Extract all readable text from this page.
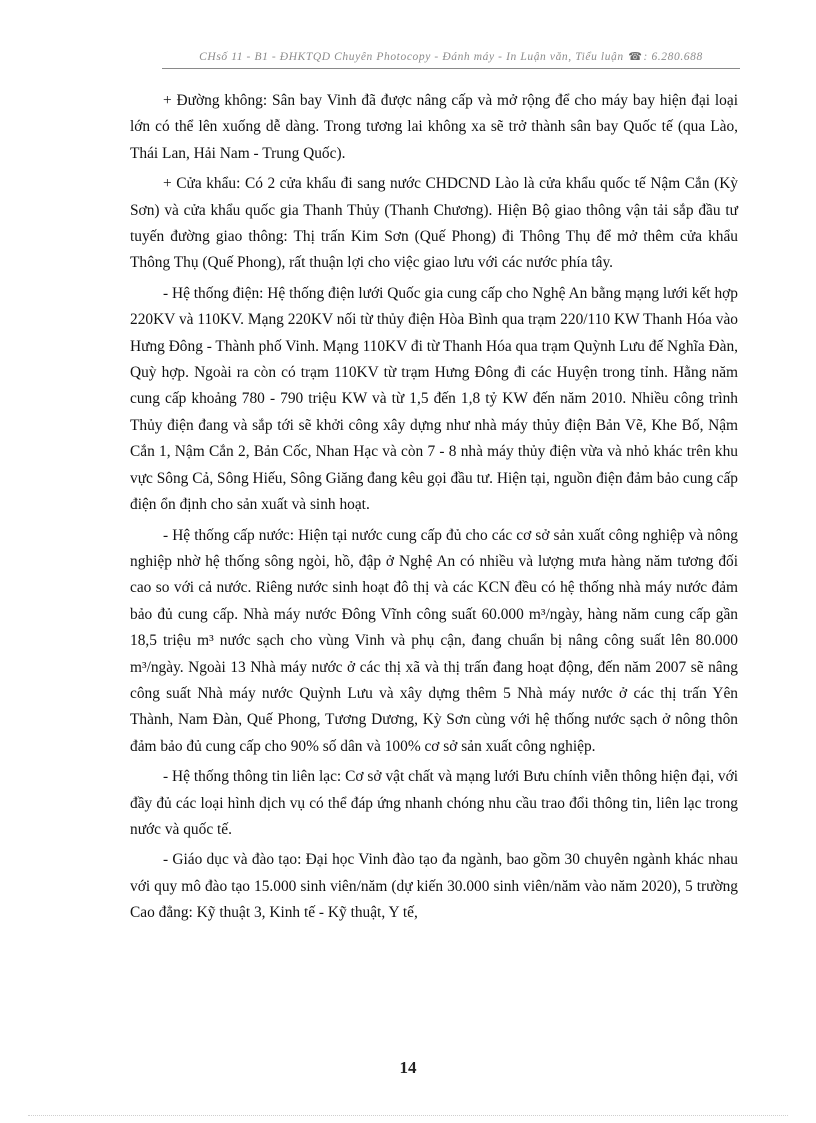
CHsố 11 - B1 - ĐHKTQD Chuyên Photocopy - Đánh máy - In Luận văn, Tiểu luận ☎: 6.280.688

+ Đường không: Sân bay Vinh đã được nâng cấp và mở rộng để cho máy bay hiện đại loại lớn có thể lên xuống dễ dàng. Trong tương lai không xa sẽ trở thành sân bay Quốc tế (qua Lào, Thái Lan, Hải Nam - Trung Quốc).

+ Cửa khẩu: Có 2 cửa khẩu đi sang nước CHDCND Lào là cửa khẩu quốc tế Nậm Cắn (Kỳ Sơn) và cửa khẩu quốc gia Thanh Thủy (Thanh Chương). Hiện Bộ giao thông vận tải sắp đầu tư tuyến đường giao thông: Thị trấn Kim Sơn (Quế Phong) đi Thông Thụ để mở thêm cửa khẩu Thông Thụ (Quế Phong), rất thuận lợi cho việc giao lưu với các nước phía tây.

- Hệ thống điện: Hệ thống điện lưới Quốc gia cung cấp cho Nghệ An bằng mạng lưới kết hợp 220KV và 110KV. Mạng 220KV nối từ thủy điện Hòa Bình qua trạm 220/110 KW Thanh Hóa vào Hưng Đông - Thành phố Vinh. Mạng 110KV đi từ Thanh Hóa qua trạm Quỳnh Lưu đế Nghĩa Đàn, Quỳ hợp. Ngoài ra còn có trạm 110KV từ trạm Hưng Đông đi các Huyện trong tỉnh. Hằng năm cung cấp khoảng 780 - 790 triệu KW và từ 1,5 đến 1,8 tỷ KW đến năm 2010. Nhiều công trình Thủy điện đang và sắp tới sẽ khởi công xây dựng như nhà máy thủy điện Bản Vẽ, Khe Bố, Nậm Cắn 1, Nậm Cắn 2, Bản Cốc, Nhan Hạc và còn 7 - 8 nhà máy thủy điện vừa và nhỏ khác trên khu vực Sông Cả, Sông Hiếu, Sông Giăng đang kêu gọi đầu tư. Hiện tại, nguồn điện đảm bảo cung cấp điện ổn định cho sản xuất và sinh hoạt.

- Hệ thống cấp nước: Hiện tại nước cung cấp đủ cho các cơ sở sản xuất công nghiệp và nông nghiệp nhờ hệ thống sông ngòi, hồ, đập ở Nghệ An có nhiều và lượng mưa hàng năm tương đối cao so với cả nước. Riêng nước sinh hoạt đô thị và các KCN đều có hệ thống nhà máy nước đảm bảo đủ cung cấp. Nhà máy nước Đông Vĩnh công suất 60.000 m³/ngày, hàng năm cung cấp gần 18,5 triệu m³ nước sạch cho vùng Vinh và phụ cận, đang chuẩn bị nâng công suất lên 80.000 m³/ngày. Ngoài 13 Nhà máy nước ở các thị xã và thị trấn đang hoạt động, đến năm 2007 sẽ nâng công suất Nhà máy nước Quỳnh Lưu và xây dựng thêm 5 Nhà máy nước ở các thị trấn Yên Thành, Nam Đàn, Quế Phong, Tương Dương, Kỳ Sơn cùng với hệ thống nước sạch ở nông thôn đảm bảo đủ cung cấp cho 90% số dân và 100% cơ sở sản xuất công nghiệp.

- Hệ thống thông tin liên lạc: Cơ sở vật chất và mạng lưới Bưu chính viễn thông hiện đại, với đầy đủ các loại hình dịch vụ có thể đáp ứng nhanh chóng nhu cầu trao đổi thông tin, liên lạc trong nước và quốc tế.

- Giáo dục và đào tạo: Đại học Vinh đào tạo đa ngành, bao gồm 30 chuyên ngành khác nhau với quy mô đào tạo 15.000 sinh viên/năm (dự kiến 30.000 sinh viên/năm vào năm 2020), 5 trường Cao đẳng: Kỹ thuật 3, Kinh tế - Kỹ thuật, Y tế,

14
